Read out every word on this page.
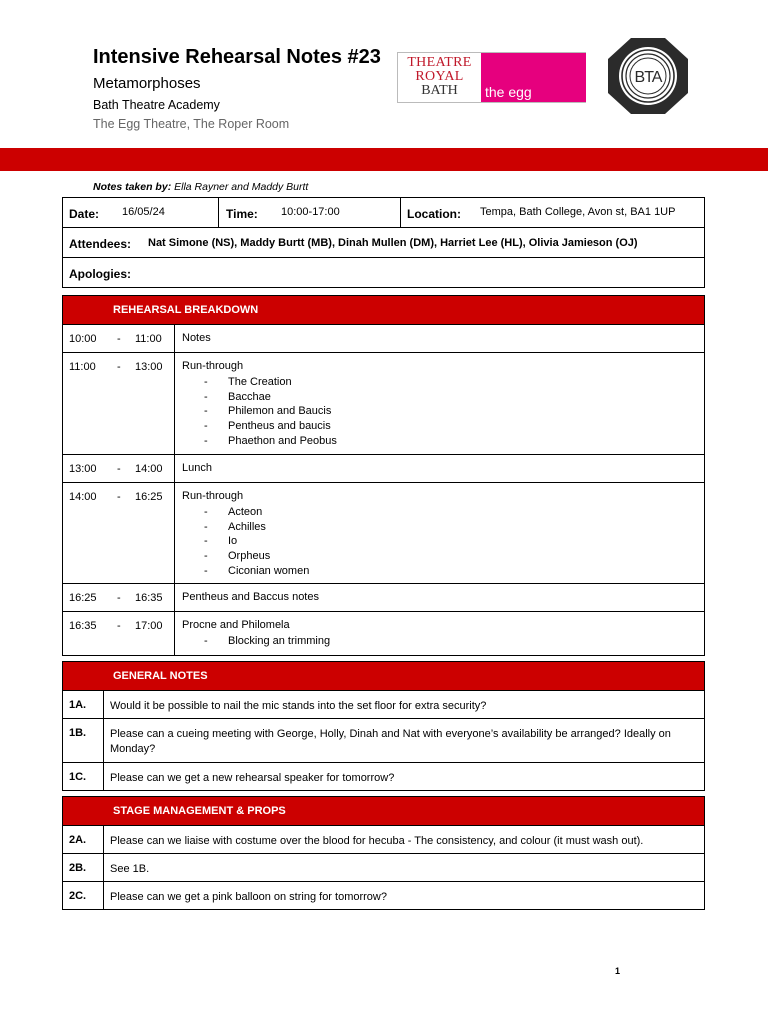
Intensive Rehearsal Notes #23
Metamorphoses
Bath Theatre Academy
The Egg Theatre, The Roper Room
THEATRE
ROYAL
BATH	the egg
BTA
Notes taken by: Ella Rayner and Maddy Burtt
Date: 16/05/24	Time: 10:00-17:00	Location: Tempa, Bath College, Avon st, BA1 1UP
Attendees: Nat Simone (NS), Maddy Burtt (MB), Dinah Mullen (DM), Harriet Lee (HL), Olivia Jamieson (OJ)
Apologies:
REHEARSAL BREAKDOWN
10:00 - 11:00 Notes
11:00 - 13:00 Run-through
- The Creation
- Bacchae
- Philemon and Baucis
- Pentheus and baucis
- Phaethon and Peobus
13:00 - 14:00 Lunch
14:00 - 16:25 Run-through
- Acteon
- Achilles
- Io
- Orpheus
- Ciconian women
16:25 - 16:35 Pentheus and Baccus notes
16:35 - 17:00 Procne and Philomela
- Blocking an trimming
GENERAL NOTES
1A. Would it be possible to nail the mic stands into the set floor for extra security?
1B. Please can a cueing meeting with George, Holly, Dinah and Nat with everyone’s availability be arranged? Ideally on Monday?
1C. Please can we get a new rehearsal speaker for tomorrow?
STAGE MANAGEMENT & PROPS
2A. Please can we liaise with costume over the blood for hecuba - The consistency, and colour (it must wash out).
2B. See 1B.
2C. Please can we get a pink balloon on string for tomorrow?
1
